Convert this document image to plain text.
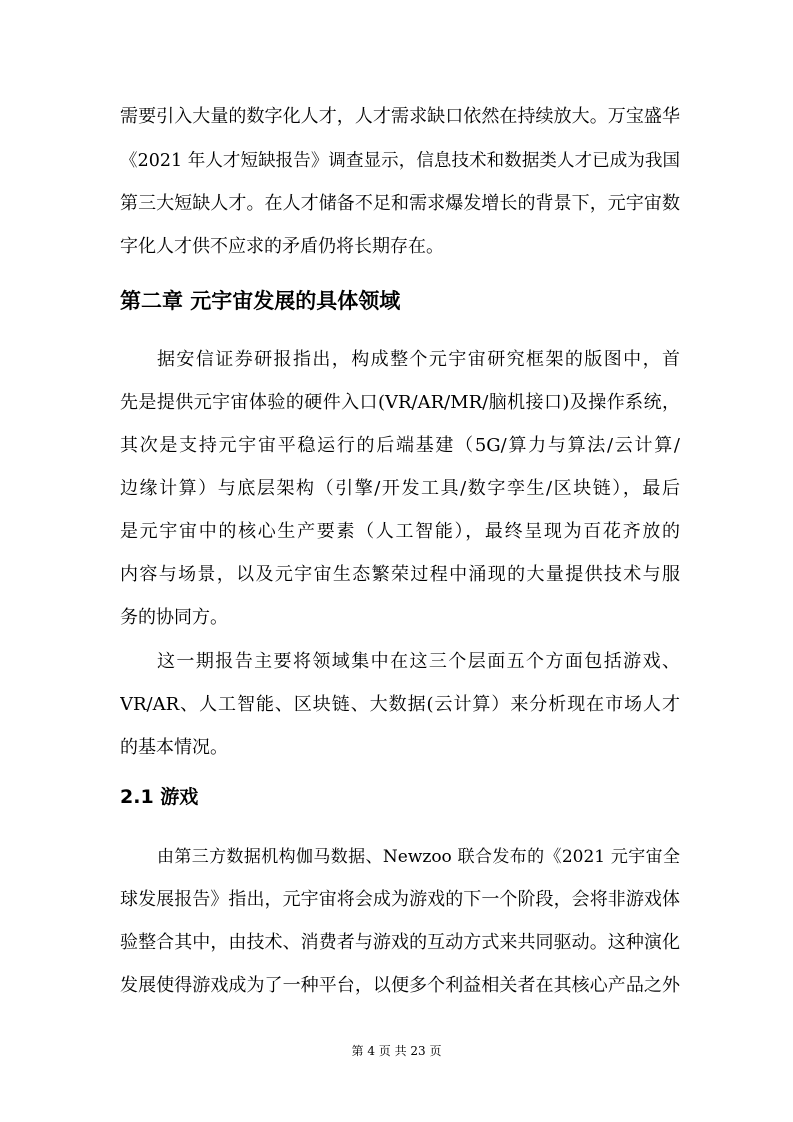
需要引入大量的数字化人才，人才需求缺口依然在持续放大。万宝盛华
《2021 年人才短缺报告》调查显示，信息技术和数据类人才已成为我国
第三大短缺人才。在人才储备不足和需求爆发增长的背景下，元宇宙数
字化人才供不应求的矛盾仍将长期存在。
第二章 元宇宙发展的具体领域
据安信证券研报指出，构成整个元宇宙研究框架的版图中，首
先是提供元宇宙体验的硬件入口(VR/AR/MR/脑机接口)及操作系统，
其次是支持元宇宙平稳运行的后端基建（5G/算力与算法/云计算/
边缘计算）与底层架构（引擎/开发工具/数字孪生/区块链），最后
是元宇宙中的核心生产要素（人工智能），最终呈现为百花齐放的
内容与场景，以及元宇宙生态繁荣过程中涌现的大量提供技术与服
务的协同方。
这一期报告主要将领域集中在这三个层面五个方面包括游戏、
VR/AR、人工智能、区块链、大数据(云计算）来分析现在市场人才
的基本情况。
2.1 游戏
由第三方数据机构伽马数据、Newzoo 联合发布的《2021 元宇宙全
球发展报告》指出，元宇宙将会成为游戏的下一个阶段，会将非游戏体
验整合其中，由技术、消费者与游戏的互动方式来共同驱动。这种演化
发展使得游戏成为了一种平台，以便多个利益相关者在其核心产品之外
第 4 页 共 23 页
